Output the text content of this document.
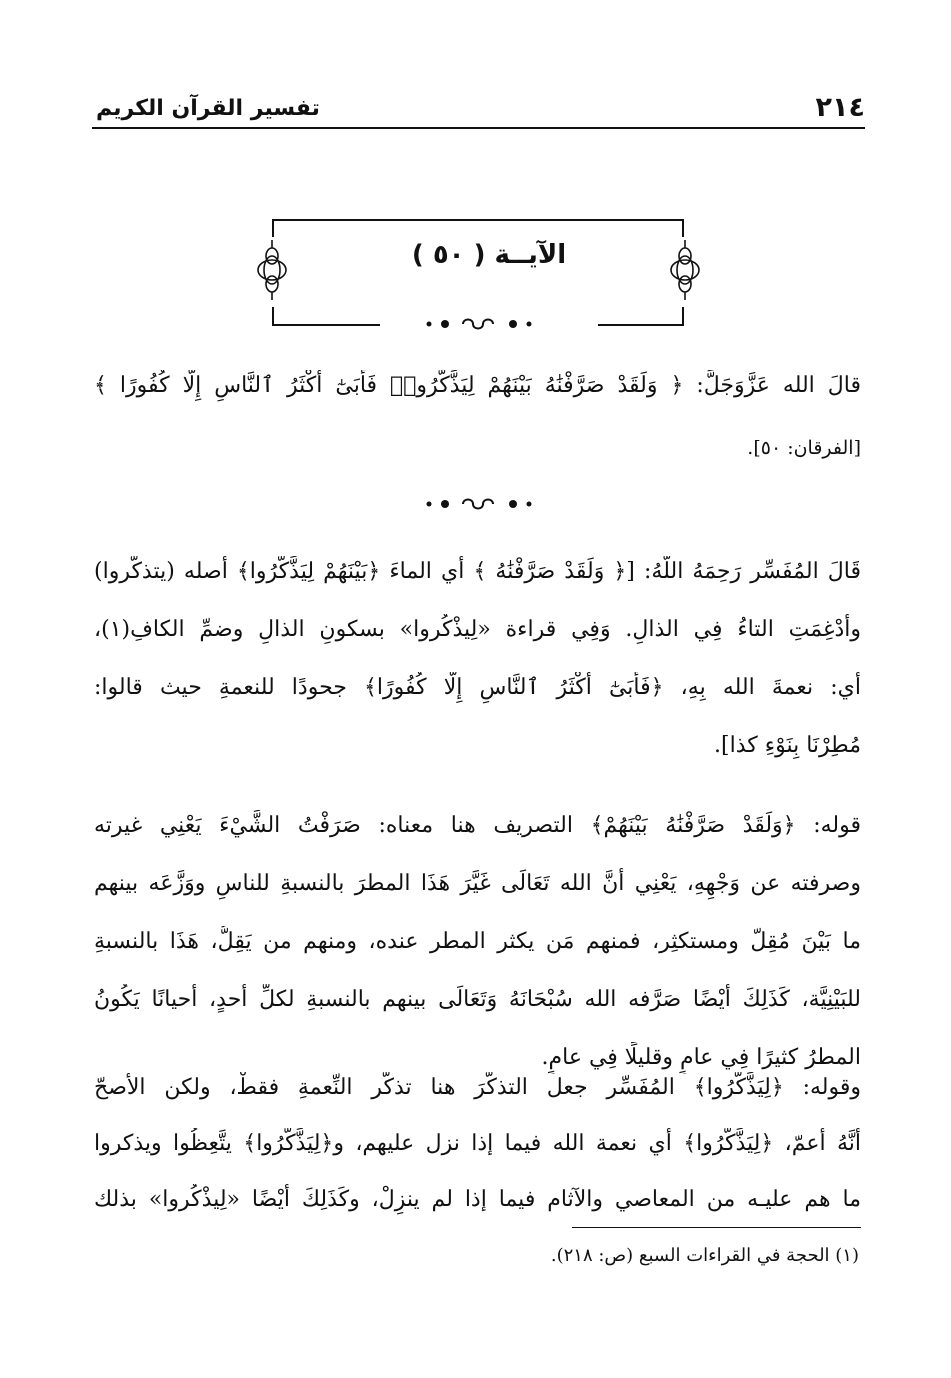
٢١٤
تفسير القرآن الكريم
الآيــة ( ٥٠ )
قالَ الله عَزَّوَجَلَّ: ﴿ وَلَقَدْ صَرَّفْنَٰهُ بَيْنَهُمْ لِيَذَّكَّرُوا۟ فَأَبَىٰٓ أَكْثَرُ ٱلنَّاسِ إِلَّا كُفُورًا ﴾
[الفرقان: ٥٠].
قَالَ المُفَسِّر رَحِمَهُ اللَّهُ: [﴿ وَلَقَدْ صَرَّفْنَٰهُ ﴾ أي الماءَ ﴿بَيْنَهُمْ لِيَذَّكَّرُوا﴾ أصله (يتذكَّروا)
وأُدْغِمَتِ التاءُ فِي الذالِ. وَفِي قراءة «لِيذْكُروا» بسكونِ الذالِ وضمِّ الكافِ(١)،
أي: نعمةَ الله بِهِ، ﴿فَأَبَىٰٓ أَكْثَرُ ٱلنَّاسِ إِلَّا كُفُورًا﴾ جحودًا للنعمةِ حيث قالوا:
مُطِرْنَا بِنَوْءِ كذا].
قوله: ﴿وَلَقَدْ صَرَّفْنَٰهُ بَيْنَهُمْ﴾ التصريف هنا معناه: صَرَفْتُ الشَّيْءَ يَعْنِي غيرته
وصرفته عن وَجْهِهِ، يَعْنِي أَنَّ الله تَعَالَى غَيَّرَ هَذَا المطرَ بالنسبةِ للناسِ ووَزَّعَه بينهم
ما بَيْنَ مُقِلّ ومستكثِر، فمنهم مَن يكثر المطر عنده، ومنهم من يَقِلُّ، هَذَا بالنسبةِ
للبَيْنِيَّة، كَذَلِكَ أَيْضًا صَرَّفه الله سُبْحَانَهُ وَتَعَالَى بينهم بالنسبةِ لكلِّ أحدٍ، أحيانًا يَكُونُ
المطرُ كثيرًا فِي عامٍ وقليلًا فِي عامٍ.
وقوله: ﴿لِيَذَّكَّرُوا﴾ المُفَسِّر جعل التذكُّرَ هنا تذكُّر النِّعمةِ فقطْ، ولكن الأصحّ
أَنَّهُ أعمّ، ﴿لِيَذَّكَّرُوا﴾ أي نعمة الله فيما إذا نزل عليهم، و﴿لِيَذَّكَّرُوا﴾ يتَّعِظُوا ويذكروا
(١) الحجة في القراءات السبع (ص: ٢١٨).
ما هم عليـه من المعاصي والآثام فيما إذا لم ينزِلْ، وكَذَلِكَ أَيْضًا «لِيذْكُروا» بذلك
